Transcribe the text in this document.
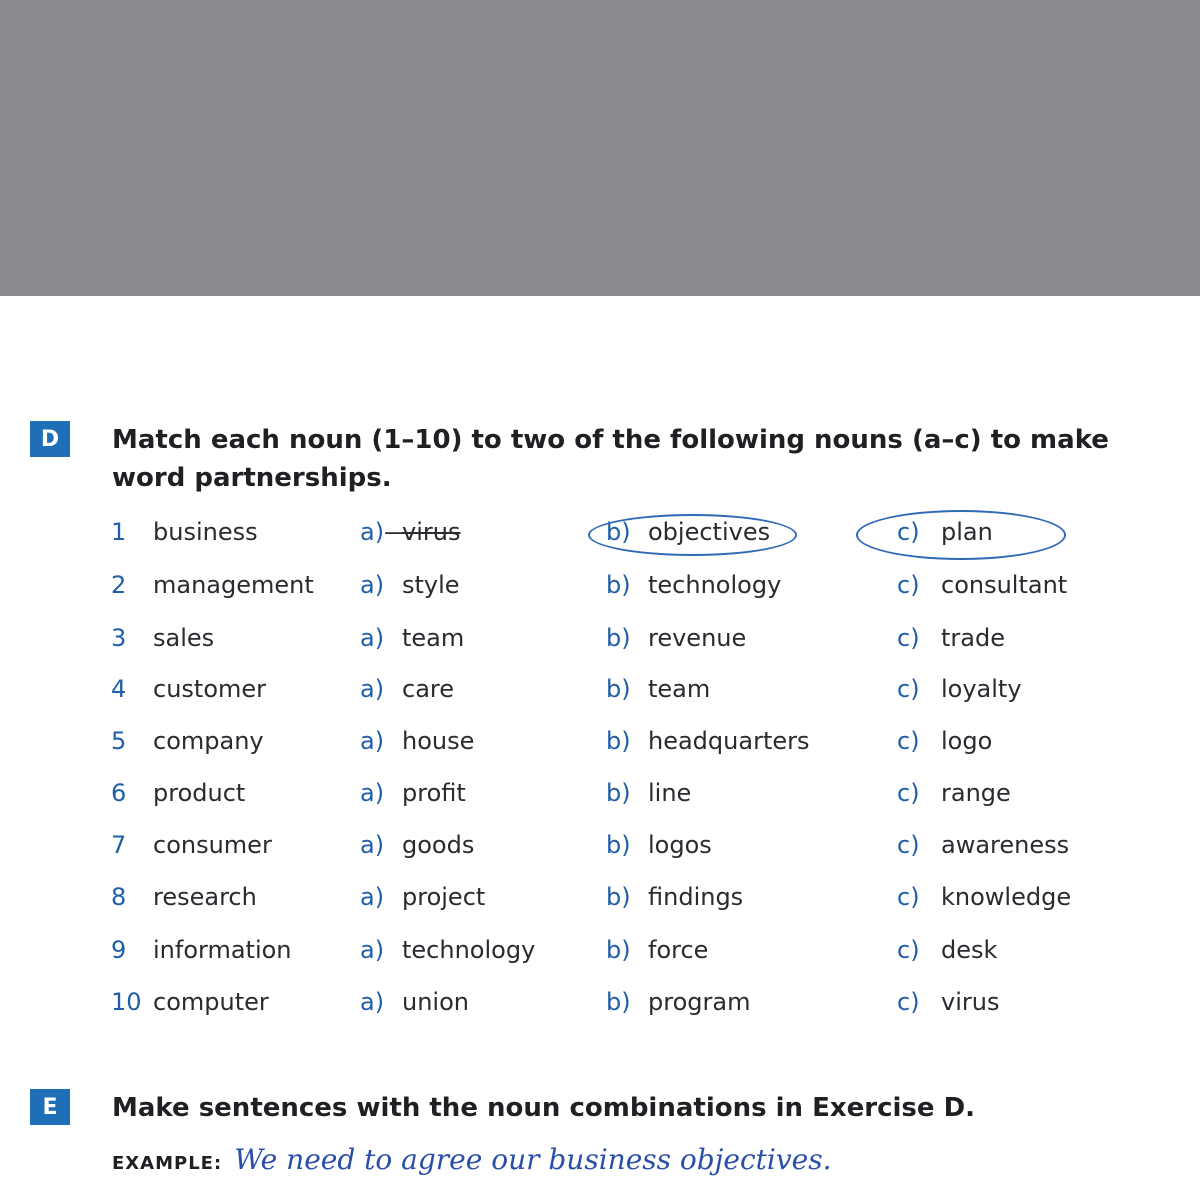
D	Match each noun (1–10) to two of the following nouns (a–c) to make word partnerships.
1 business	a) virus	b) objectives	c) plan
—
2 management a) style	b) technology	c) consultant
3 sales	a) team	b) revenue	c) trade
4 customer	a) care	b) team	c) loyalty
5 company	a) house	b) headquarters	c) logo
6 product	a) profit	b) line	c) range
7 consumer	a) goods	b) logos	c) awareness
8 research	a) project	b) findings	c) knowledge
9 information	a) technology	b) force	c) desk
10 computer	a) union	b) program	c) virus
E	Make sentences with the noun combinations in Exercise D.
EXAMPLE: We need to agree our business objectives.
